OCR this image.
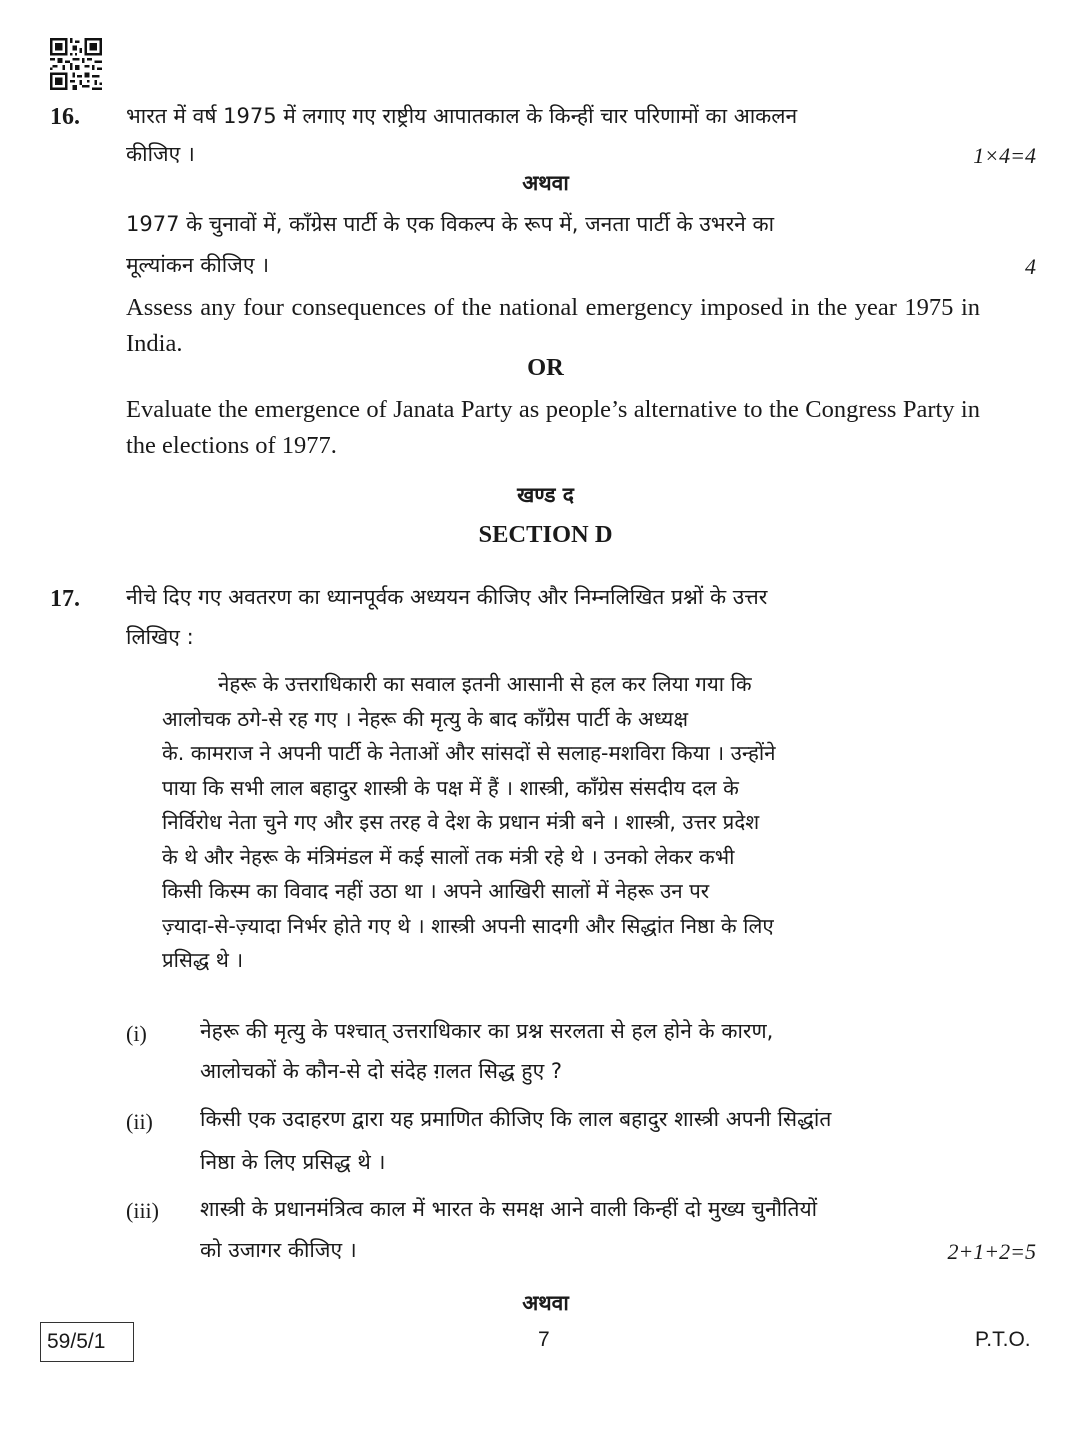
16. भारत में वर्ष 1975 में लगाए गए राष्ट्रीय आपातकाल के किन्हीं चार परिणामों का आकलन
कीजिए ।	1×4=4
अथवा
1977 के चुनावों में, काँग्रेस पार्टी के एक विकल्प के रूप में, जनता पार्टी के उभरने का
मूल्यांकन कीजिए ।	4
Assess any four consequences of the national emergency imposed in the year 1975 in India.
OR
Evaluate the emergence of Janata Party as people’s alternative to the Congress Party in the elections of 1977.
खण्ड द
SECTION D
17. नीचे दिए गए अवतरण का ध्यानपूर्वक अध्ययन कीजिए और निम्नलिखित प्रश्नों के उत्तर
लिखिए :
नेहरू के उत्तराधिकारी का सवाल इतनी आसानी से हल कर लिया गया कि
आलोचक ठगे-से रह गए । नेहरू की मृत्यु के बाद काँग्रेस पार्टी के अध्यक्ष
के. कामराज ने अपनी पार्टी के नेताओं और सांसदों से सलाह-मशविरा किया । उन्होंने
पाया कि सभी लाल बहादुर शास्त्री के पक्ष में हैं । शास्त्री, काँग्रेस संसदीय दल के
निर्विरोध नेता चुने गए और इस तरह वे देश के प्रधान मंत्री बने । शास्त्री, उत्तर प्रदेश
के थे और नेहरू के मंत्रिमंडल में कई सालों तक मंत्री रहे थे । उनको लेकर कभी
किसी किस्म का विवाद नहीं उठा था । अपने आखिरी सालों में नेहरू उन पर
ज़्यादा-से-ज़्यादा निर्भर होते गए थे । शास्त्री अपनी सादगी और सिद्धांत निष्ठा के लिए
प्रसिद्ध थे ।
(i)	नेहरू की मृत्यु के पश्चात् उत्तराधिकार का प्रश्न सरलता से हल होने के कारण,
आलोचकों के कौन-से दो संदेह ग़लत सिद्ध हुए ?
(ii) किसी एक उदाहरण द्वारा यह प्रमाणित कीजिए कि लाल बहादुर शास्त्री अपनी सिद्धांत
निष्ठा के लिए प्रसिद्ध थे ।
(iii) शास्त्री के प्रधानमंत्रित्व काल में भारत के समक्ष आने वाली किन्हीं दो मुख्य चुनौतियों
को उजागर कीजिए ।	2+1+2=5
अथवा
59/5/1	7	P.T.O.
